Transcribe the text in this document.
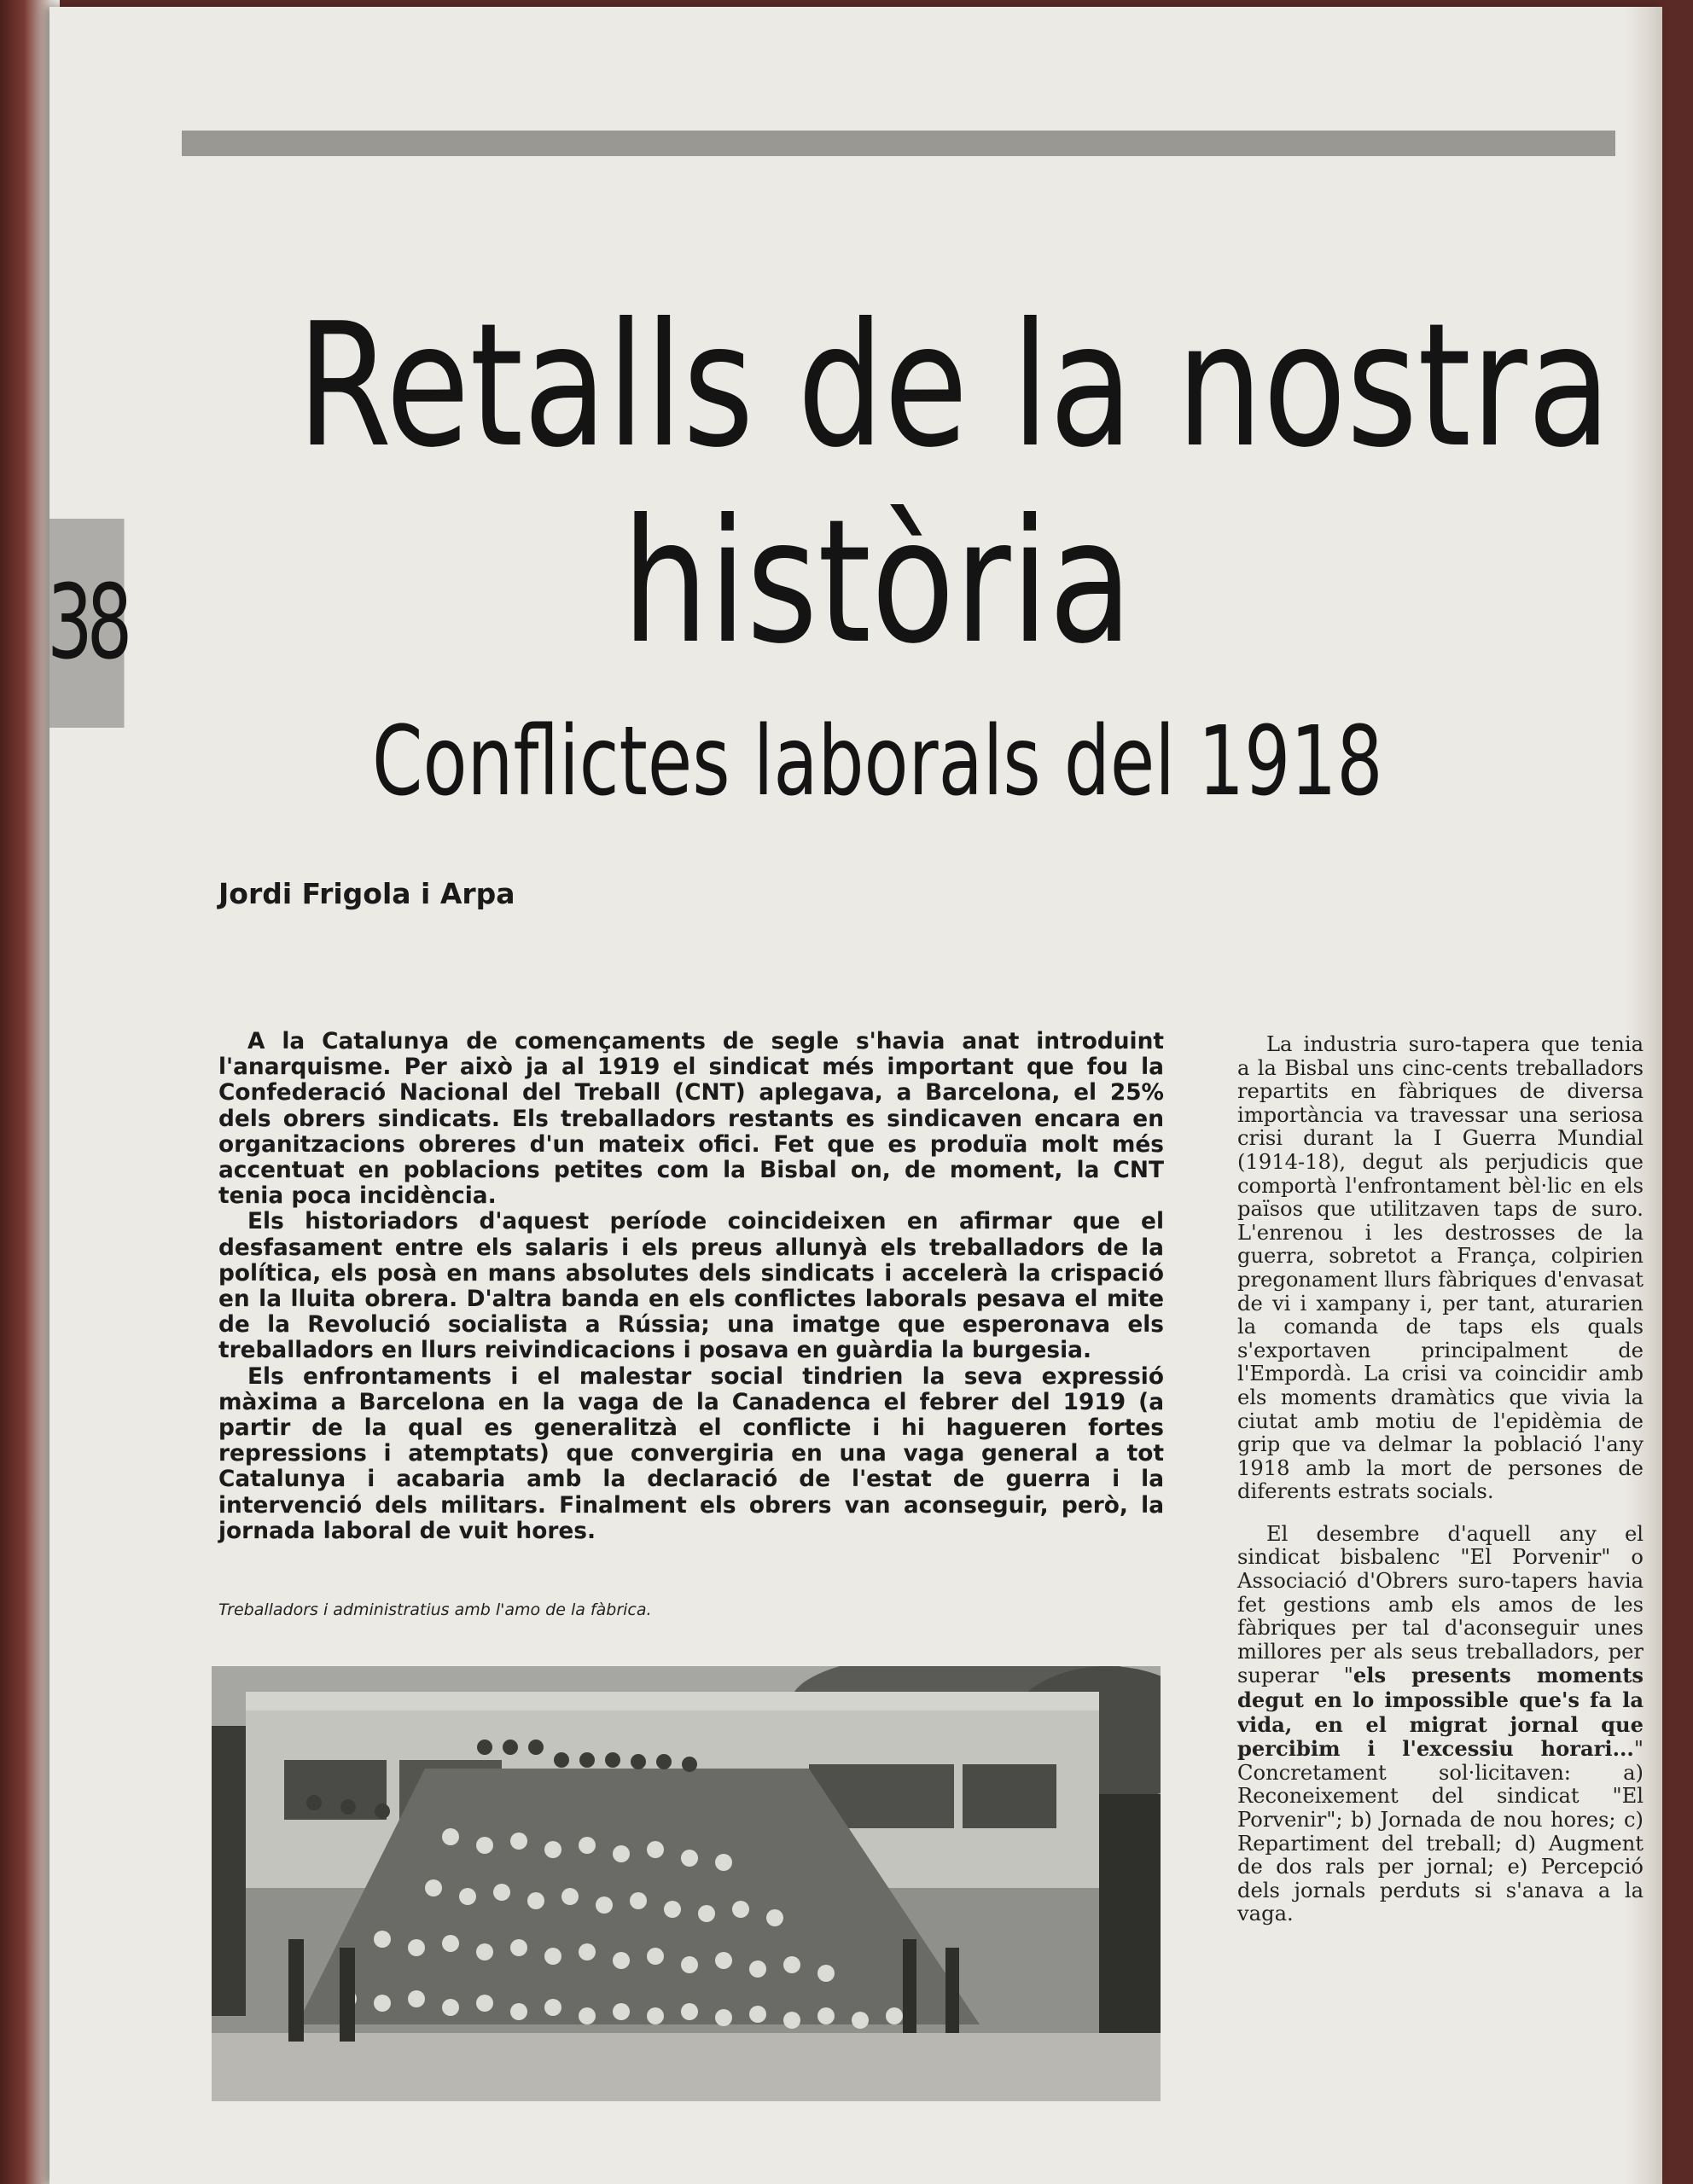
38
Retalls de la nostra
història
Conflictes laborals del 1918
Jordi Frigola i Arpa

A la Catalunya de començaments de segle s'havia anat introduint l'anarquisme. Per això ja al 1919 el sindicat més important que fou la Confederació Nacional del Treball (CNT) aplegava, a Barcelona, el 25% dels obrers sindicats. Els treballadors restants es sindicaven encara en organitzacions obreres d'un mateix ofici. Fet que es produïa molt més accentuat en poblacions petites com la Bisbal on, de moment, la CNT tenia poca incidència.

Els historiadors d'aquest període coincideixen en afirmar que el desfasament entre els salaris i els preus allunyà els treballadors de la política, els posà en mans absolutes dels sindicats i accelerà la crispació en la lluita obrera. D'altra banda en els conflictes laborals pesava el mite de la Revolució socialista a Rússia; una imatge que esperonava els treballadors en llurs reivindicacions i posava en guàrdia la burgesia.

Els enfrontaments i el malestar social tindrien la seva expressió màxima a Barcelona en la vaga de la Canadenca el febrer del 1919 (a partir de la qual es generalitzà el conflicte i hi hagueren fortes repressions i atemptats) que convergiria en una vaga general a tot Catalunya i acabaria amb la declaració de l'estat de guerra i la intervenció dels militars. Finalment els obrers van aconseguir, però, la jornada laboral de vuit hores.

Treballadors i administratius amb l'amo de la fàbrica.

La industria suro-tapera que tenia a la Bisbal uns cinc-cents treballadors repartits en fàbriques de diversa importància va travessar una seriosa crisi durant la I Guerra Mundial (1914-18), degut als perjudicis que comportà l'enfrontament bèl·lic en els països que utilitzaven taps de suro. L'enrenou i les destrosses de la guerra, sobretot a França, colpirien pregonament llurs fàbriques d'envasat de vi i xampany i, per tant, aturarien la comanda de taps els quals s'exportaven principalment de l'Empordà. La crisi va coincidir amb els moments dramàtics que vivia la ciutat amb motiu de l'epidèmia de grip que va delmar la població l'any 1918 amb la mort de persones de diferents estrats socials.

El desembre d'aquell any el sindicat bisbalenc "El Porvenir" o Associació d'Obrers suro-tapers havia fet gestions amb els amos de les fàbriques per tal d'aconseguir unes millores per als seus treballadors, per superar "els presents moments degut en lo impossible que's fa la vida, en el migrat jornal que percibim i l'excessiu horari..." Concretament sol·licitaven: a) Reconeixement del sindicat "El Porvenir"; b) Jornada de nou hores; c) Repartiment del treball; d) Augment de dos rals per jornal; e) Percepció dels jornals perduts si s'anava a la vaga.
